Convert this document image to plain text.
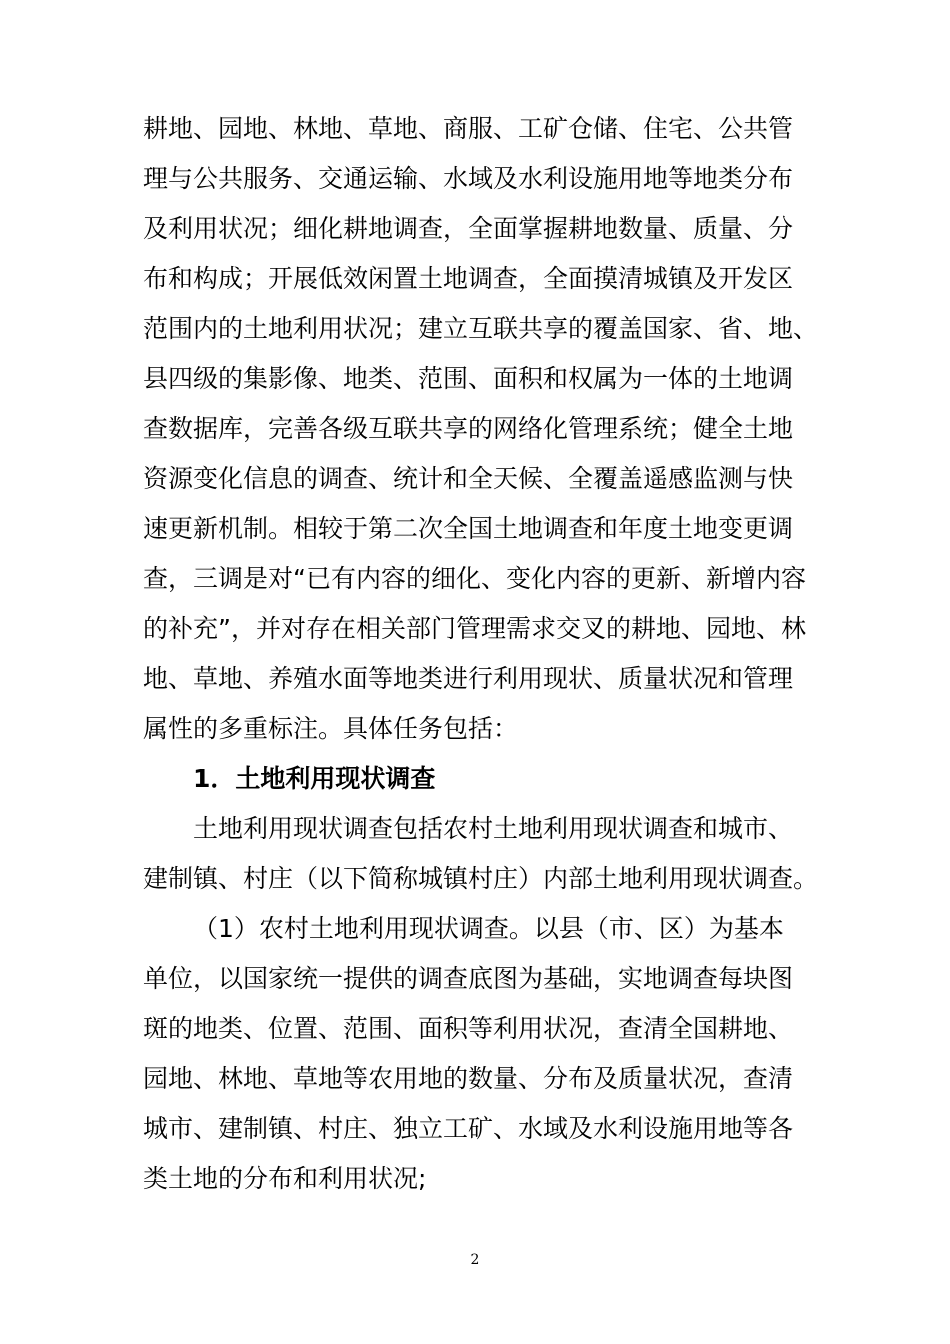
耕地、园地、林地、草地、商服、工矿仓储、住宅、公共管
理与公共服务、交通运输、水域及水利设施用地等地类分布
及利用状况；细化耕地调查，全面掌握耕地数量、质量、分
布和构成；开展低效闲置土地调查，全面摸清城镇及开发区
范围内的土地利用状况；建立互联共享的覆盖国家、省、地、
县四级的集影像、地类、范围、面积和权属为一体的土地调
查数据库，完善各级互联共享的网络化管理系统；健全土地
资源变化信息的调查、统计和全天候、全覆盖遥感监测与快
速更新机制。相较于第二次全国土地调查和年度土地变更调
查，三调是对“已有内容的细化、变化内容的更新、新增内容
的补充”，并对存在相关部门管理需求交叉的耕地、园地、林
地、草地、养殖水面等地类进行利用现状、质量状况和管理
属性的多重标注。具体任务包括：
1．土地利用现状调查
土地利用现状调查包括农村土地利用现状调查和城市、
建制镇、村庄（以下简称城镇村庄）内部土地利用现状调查。
（1）农村土地利用现状调查。以县（市、区）为基本
单位，以国家统一提供的调查底图为基础，实地调查每块图
斑的地类、位置、范围、面积等利用状况，查清全国耕地、
园地、林地、草地等农用地的数量、分布及质量状况，查清
城市、建制镇、村庄、独立工矿、水域及水利设施用地等各
类土地的分布和利用状况;
2
